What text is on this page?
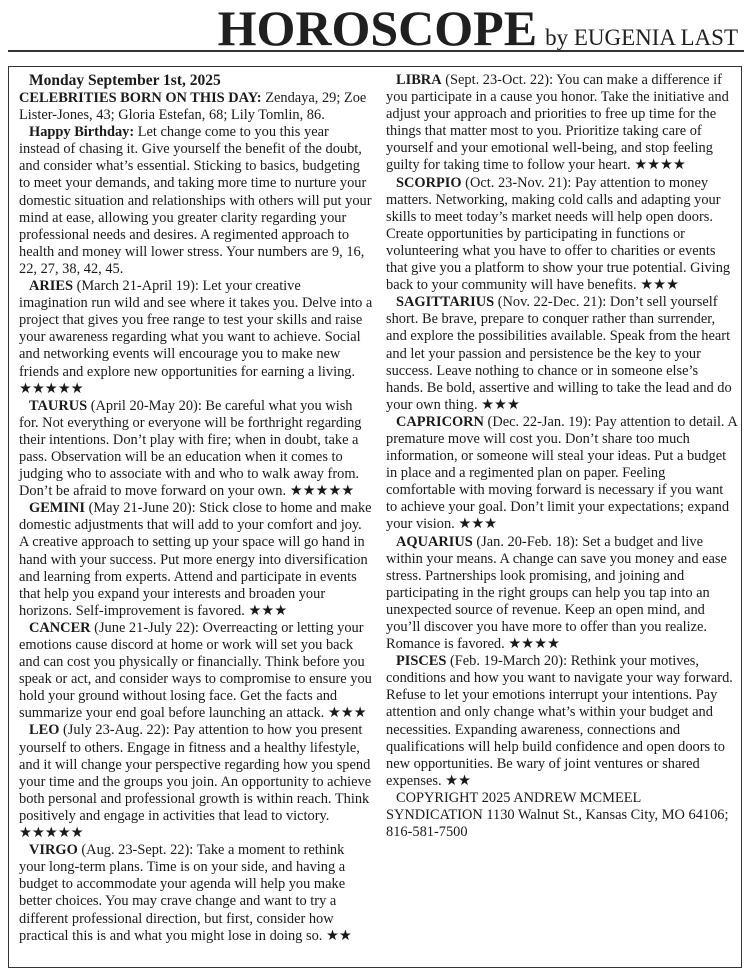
HOROSCOPE by EUGENIA LAST
Monday September 1st, 2025

CELEBRITIES BORN ON THIS DAY: Zendaya, 29; Zoe Lister-Jones, 43; Gloria Estefan, 68; Lily Tomlin, 86.

Happy Birthday: Let change come to you this year instead of chasing it. Give yourself the benefit of the doubt, and consider what’s essential. Sticking to basics, budgeting to meet your demands, and taking more time to nurture your domestic situation and relationships with others will put your mind at ease, allowing you greater clarity regarding your professional needs and desires. A regimented approach to health and money will lower stress. Your numbers are 9, 16, 22, 27, 38, 42, 45.

ARIES (March 21-April 19): Let your creative imagination run wild and see where it takes you. Delve into a project that gives you free range to test your skills and raise your awareness regarding what you want to achieve. Social and networking events will encourage you to make new friends and explore new opportunities for earning a living. ★★★★★

TAURUS (April 20-May 20): Be careful what you wish for. Not everything or everyone will be forthright regarding their intentions. Don’t play with fire; when in doubt, take a pass. Observation will be an education when it comes to judging who to associate with and who to walk away from. Don’t be afraid to move forward on your own. ★★★★★

GEMINI (May 21-June 20): Stick close to home and make domestic adjustments that will add to your comfort and joy. A creative approach to setting up your space will go hand in hand with your success. Put more energy into diversification and learning from experts. Attend and participate in events that help you expand your interests and broaden your horizons. Self-improvement is favored. ★★★

CANCER (June 21-July 22): Overreacting or letting your emotions cause discord at home or work will set you back and can cost you physically or financially. Think before you speak or act, and consider ways to compromise to ensure you hold your ground without losing face. Get the facts and summarize your end goal before launching an attack. ★★★

LEO (July 23-Aug. 22): Pay attention to how you present yourself to others. Engage in fitness and a healthy lifestyle, and it will change your perspective regarding how you spend your time and the groups you join. An opportunity to achieve both personal and professional growth is within reach. Think positively and engage in activities that lead to victory. ★★★★★

VIRGO (Aug. 23-Sept. 22): Take a moment to rethink your long-term plans. Time is on your side, and having a budget to accommodate your agenda will help you make better choices. You may crave change and want to try a different professional direction, but first, consider how practical this is and what you might lose in doing so. ★★

LIBRA (Sept. 23-Oct. 22): You can make a difference if you participate in a cause you honor. Take the initiative and adjust your approach and priorities to free up time for the things that matter most to you. Prioritize taking care of yourself and your emotional well-being, and stop feeling guilty for taking time to follow your heart. ★★★★

SCORPIO (Oct. 23-Nov. 21): Pay attention to money matters. Networking, making cold calls and adapting your skills to meet today’s market needs will help open doors. Create opportunities by participating in functions or volunteering what you have to offer to charities or events that give you a platform to show your true potential. Giving back to your community will have benefits. ★★★

SAGITTARIUS (Nov. 22-Dec. 21): Don’t sell yourself short. Be brave, prepare to conquer rather than surrender, and explore the possibilities available. Speak from the heart and let your passion and persistence be the key to your success. Leave nothing to chance or in someone else’s hands. Be bold, assertive and willing to take the lead and do your own thing. ★★★

CAPRICORN (Dec. 22-Jan. 19): Pay attention to detail. A premature move will cost you. Don’t share too much information, or someone will steal your ideas. Put a budget in place and a regimented plan on paper. Feeling comfortable with moving forward is necessary if you want to achieve your goal. Don’t limit your expectations; expand your vision. ★★★

AQUARIUS (Jan. 20-Feb. 18): Set a budget and live within your means. A change can save you money and ease stress. Partnerships look promising, and joining and participating in the right groups can help you tap into an unexpected source of revenue. Keep an open mind, and you’ll discover you have more to offer than you realize. Romance is favored. ★★★★

PISCES (Feb. 19-March 20): Rethink your motives, conditions and how you want to navigate your way forward. Refuse to let your emotions interrupt your intentions. Pay attention and only change what’s within your budget and necessities. Expanding awareness, connections and qualifications will help build confidence and open doors to new opportunities. Be wary of joint ventures or shared expenses. ★★

COPYRIGHT 2025 ANDREW MCMEEL SYNDICATION 1130 Walnut St., Kansas City, MO 64106; 816-581-7500
